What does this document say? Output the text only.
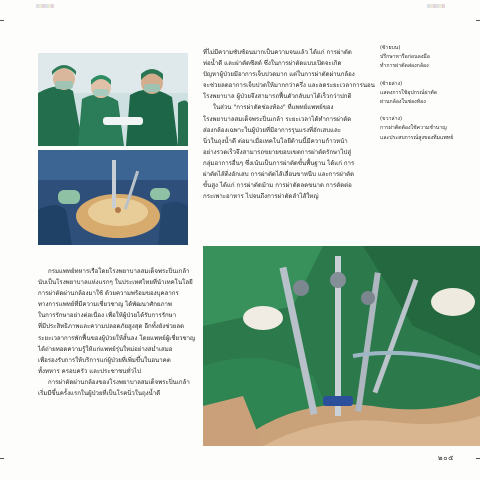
ที่ไม่มีความซับซ้อนมากเป็นความจนแล้ว ได้แก่ การผ่าตัด

ท่อน้ำดี และผ่าตัดซีสต์ ซึ่งในการผ่าตัดแบบเปิดจะเกิด

ปัญหาผู้ป่วยมีอาการเจ็บปวดมาก แต่ในการผ่าตัดผ่านกล้อง

จะช่วยลดอาการเจ็บปวดให้มากกว่าครึ่ง และลดระยะเวลาการนอน

โรงพยาบาล ผู้ป่วยจึงสามารถฟื้นตัวกลับมาได้เร็วกว่าปกติ

ในส่วน "การผ่าตัดช่องท้อง" ที่แพทย์แพทย์ของ

โรงพยาบาลสมเด็จพระปิ่นเกล้า ระยะเวลาได้ทำการผ่าตัด

ส่องกล้องเฉพาะในผู้ป่วยที่มีอาการรุนแรงที่อักเสบและ

นิ่วในถุงน้ำดี ต่อมาเมื่อเทคโนโลยีด้านนี้มีความก้าวหน้า

อย่างรวดเร็วจึงสามารถขยายขอบเขตการผ่าตัดรักษาไปสู่

กลุ่มอาการอื่นๆ ซึ่งเน้นเป็นการผ่าตัดขั้นพื้นฐาน ได้แก่ การ

ผ่าตัดไส้ติ่งอักเสบ การผ่าตัดไส้เลื่อนขาหนีบ และการผ่าตัด

ขั้นสูง ได้แก่ การผ่าตัดม้าม การผ่าตัดลดขนาด การตัดต่อ

กระเพาะอาหาร ไปจนถึงการผ่าตัดลำไส้ใหญ่

(ซ้ายบน)

ปรึกษาหารือก่อนลงมือ

ทำการผ่าตัดส่องกล้อง

(ซ้ายล่าง)

แสดงการใช้อุปกรณ์ผ่าตัด

ผ่านกล้องในช่องท้อง

(ขวาล่าง)

การผ่าตัดต้องใช้ความชำนาญ

และประสบการณ์สูงของทีมแพทย์

กรมแพทย์ทหารเรือโดยโรงพยาบาลสมเด็จพระปิ่นเกล้า

นับเป็นโรงพยาบาลแห่งแรกๆ ในประเทศไทยที่นำเทคโนโลยี

การผ่าตัดผ่านกล้องมาใช้ ด้วยความพร้อมของบุคลากร

ทางการแพทย์ที่มีความเชี่ยวชาญ ได้พัฒนาศักยภาพ

ในการรักษาอย่างต่อเนื่อง เพื่อให้ผู้ป่วยได้รับการรักษา

ที่มีประสิทธิภาพและความปลอดภัยสูงสุด อีกทั้งยังช่วยลด

ระยะเวลาการพักฟื้นของผู้ป่วยให้สั้นลง โดยแพทย์ผู้เชี่ยวชาญ

ได้ถ่ายทอดความรู้ให้แก่แพทย์รุ่นใหม่อย่างสม่ำเสมอ

เพื่อรองรับการให้บริการแก่ผู้ป่วยที่เพิ่มขึ้นในอนาคต

ทั้งทหาร ครอบครัว และประชาชนทั่วไป

การผ่าตัดผ่านกล้องของโรงพยาบาลสมเด็จพระปิ่นเกล้า

เริ่มมีขึ้นครั้งแรกในผู้ป่วยที่เป็นโรคนิ่วในถุงน้ำดี

๒๐๕
